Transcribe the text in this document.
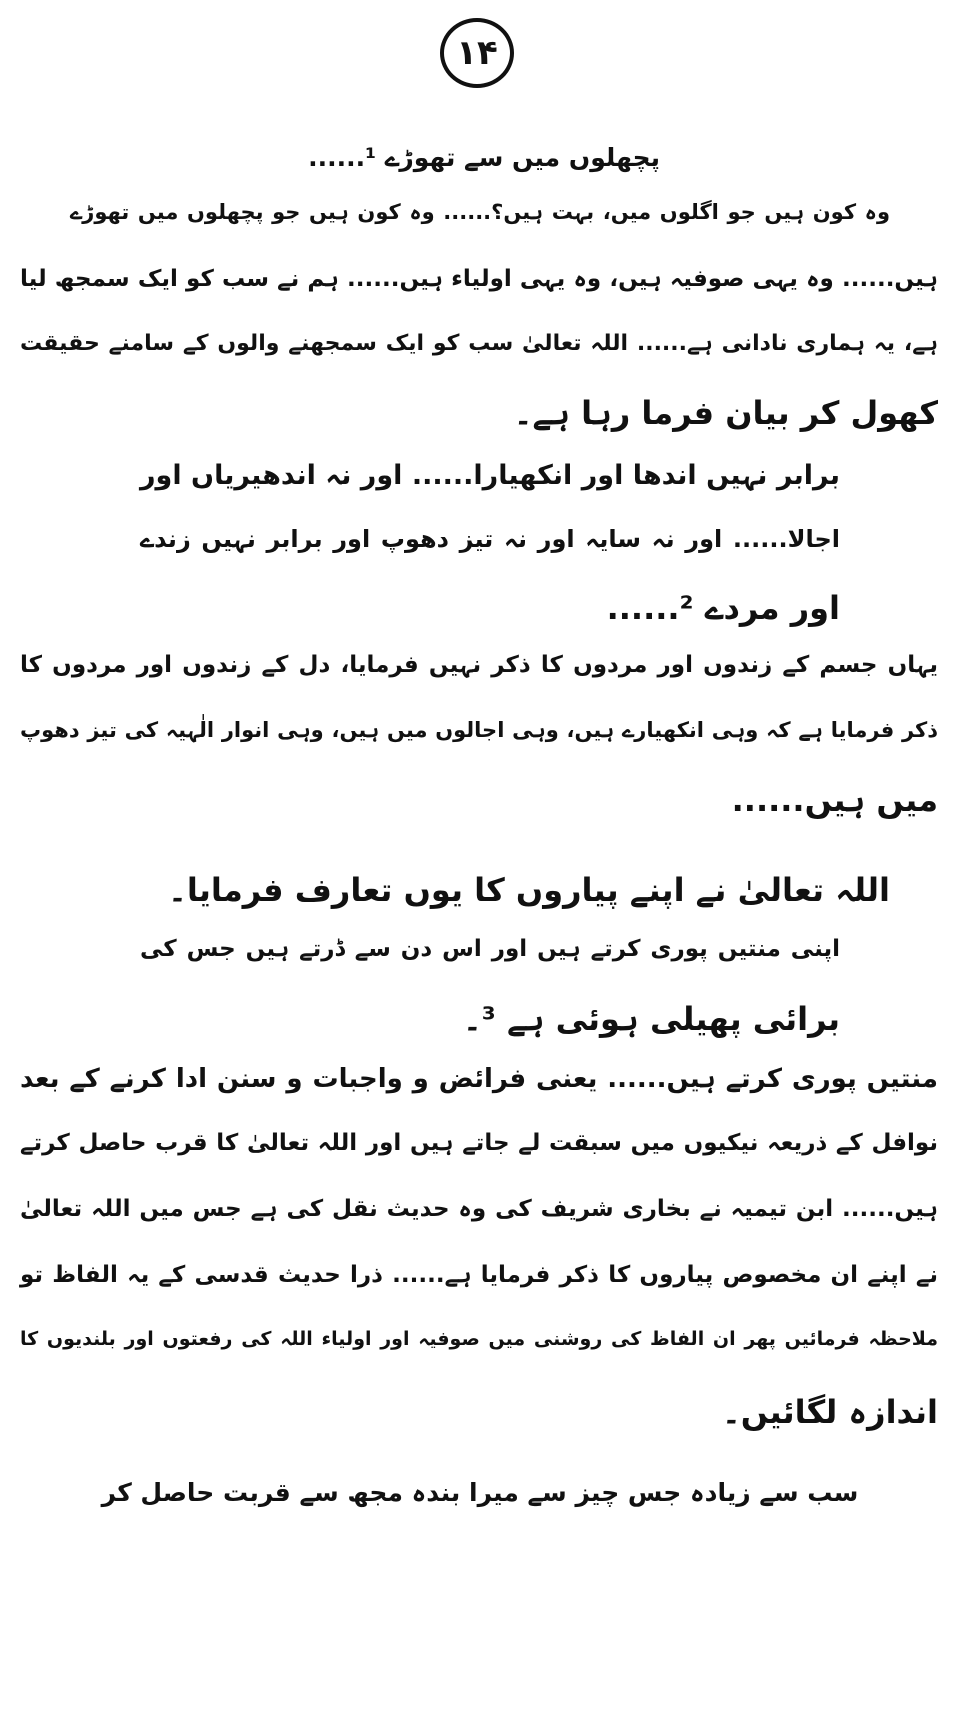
۱۴
پچھلوں میں سے تھوڑے ¹......
وہ کون ہیں جو اگلوں میں، بہت ہیں؟...... وہ کون ہیں جو پچھلوں میں تھوڑے
ہیں...... وہ یہی صوفیہ ہیں، وہ یہی اولیاء ہیں...... ہم نے سب کو ایک سمجھ لیا
ہے، یہ ہماری نادانی ہے...... اللہ تعالیٰ سب کو ایک سمجھنے والوں کے سامنے حقیقت
کھول کر بیان فرما رہا ہے۔
برابر نہیں اندھا اور انکھیارا...... اور نہ اندھیریاں اور
اجالا...... اور نہ سایہ اور نہ تیز دھوپ اور برابر نہیں زندے
اور مردے ²......
یہاں جسم کے زندوں اور مردوں کا ذکر نہیں فرمایا، دل کے زندوں اور مردوں کا
ذکر فرمایا ہے کہ وہی انکھیارے ہیں، وہی اجالوں میں ہیں، وہی انوار الٰہیہ کی تیز دھوپ
میں ہیں......
اللہ تعالیٰ نے اپنے پیاروں کا یوں تعارف فرمایا۔
اپنی منتیں پوری کرتے ہیں اور اس دن سے ڈرتے ہیں جس کی
برائی پھیلی ہوئی ہے ³۔
منتیں پوری کرتے ہیں...... یعنی فرائض و واجبات و سنن ادا کرنے کے بعد
نوافل کے ذریعہ نیکیوں میں سبقت لے جاتے ہیں اور اللہ تعالیٰ کا قرب حاصل کرتے
ہیں...... ابن تیمیہ نے بخاری شریف کی وہ حدیث نقل کی ہے جس میں اللہ تعالیٰ
نے اپنے ان مخصوص پیاروں کا ذکر فرمایا ہے...... ذرا حدیث قدسی کے یہ الفاظ تو
ملاحظہ فرمائیں پھر ان الفاظ کی روشنی میں صوفیہ اور اولیاء اللہ کی رفعتوں اور بلندیوں کا
اندازہ لگائیں۔
سب سے زیادہ جس چیز سے میرا بندہ مجھ سے قربت حاصل کر
